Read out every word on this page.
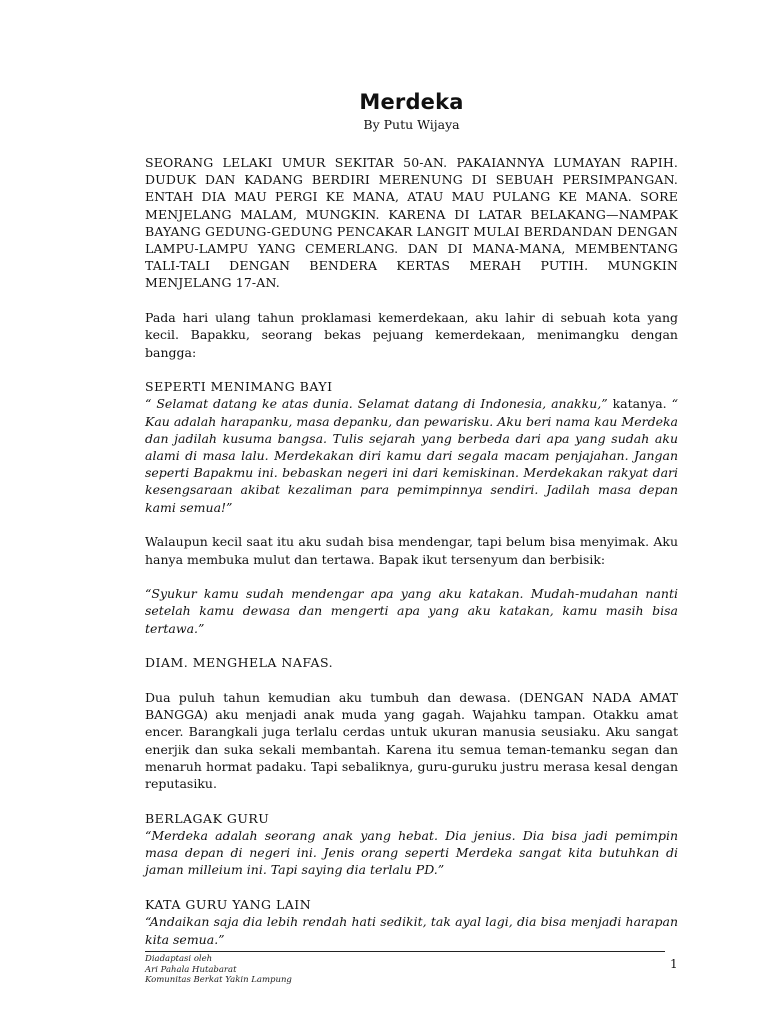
Merdeka
By Putu Wijaya

SEORANG LELAKI UMUR SEKITAR 50-AN. PAKAIANNYA LUMAYAN RAPIH. DUDUK DAN KADANG BERDIRI MERENUNG DI SEBUAH PERSIMPANGAN. ENTAH DIA MAU PERGI KE MANA, ATAU MAU PULANG KE MANA. SORE MENJELANG MALAM, MUNGKIN. KARENA DI LATAR BELAKANG—NAMPAK BAYANG GEDUNG-GEDUNG PENCAKAR LANGIT MULAI BERDANDAN DENGAN LAMPU-LAMPU YANG CEMERLANG. DAN DI MANA-MANA, MEMBENTANG TALI-TALI DENGAN BENDERA KERTAS MERAH PUTIH. MUNGKIN MENJELANG 17-AN.

Pada hari ulang tahun proklamasi kemerdekaan, aku lahir di sebuah kota yang kecil. Bapakku, seorang bekas pejuang kemerdekaan, menimangku dengan bangga:

SEPERTI MENIMANG BAYI

“ Selamat datang ke atas dunia. Selamat datang di Indonesia, anakku,” katanya. “ Kau adalah harapanku, masa depanku, dan pewarisku. Aku beri nama kau Merdeka dan jadilah kusuma bangsa. Tulis sejarah yang berbeda dari apa yang sudah aku alami di masa lalu. Merdekakan diri kamu dari segala macam penjajahan. Jangan seperti Bapakmu ini. bebaskan negeri ini dari kemiskinan. Merdekakan rakyat dari kesengsaraan akibat kezaliman para pemimpinnya sendiri. Jadilah masa depan kami semua!”

Walaupun kecil saat itu aku sudah bisa mendengar, tapi belum bisa menyimak. Aku hanya membuka mulut dan tertawa. Bapak ikut tersenyum dan berbisik:

“Syukur kamu sudah mendengar apa yang aku katakan. Mudah-mudahan nanti setelah kamu dewasa dan mengerti apa yang aku katakan, kamu masih bisa tertawa.”

DIAM. MENGHELA NAFAS.

Dua puluh tahun kemudian aku tumbuh dan dewasa. (DENGAN NADA AMAT BANGGA) aku menjadi anak muda yang gagah. Wajahku tampan. Otakku amat encer. Barangkali juga terlalu cerdas untuk ukuran manusia seusiaku. Aku sangat enerjik dan suka sekali membantah. Karena itu semua teman-temanku segan dan menaruh hormat padaku. Tapi sebaliknya, guru-guruku justru merasa kesal dengan reputasiku.

BERLAGAK GURU

“Merdeka adalah seorang anak yang hebat. Dia jenius. Dia bisa jadi pemimpin masa depan di negeri ini. Jenis orang seperti Merdeka sangat kita butuhkan di jaman milleium ini. Tapi saying dia terlalu PD.”

KATA GURU YANG LAIN

“Andaikan saja dia lebih rendah hati sedikit, tak ayal lagi, dia bisa menjadi harapan kita semua.”

Diadaptasi oleh
Ari Pahala Hutabarat
Komunitas Berkat Yakin Lampung
1
